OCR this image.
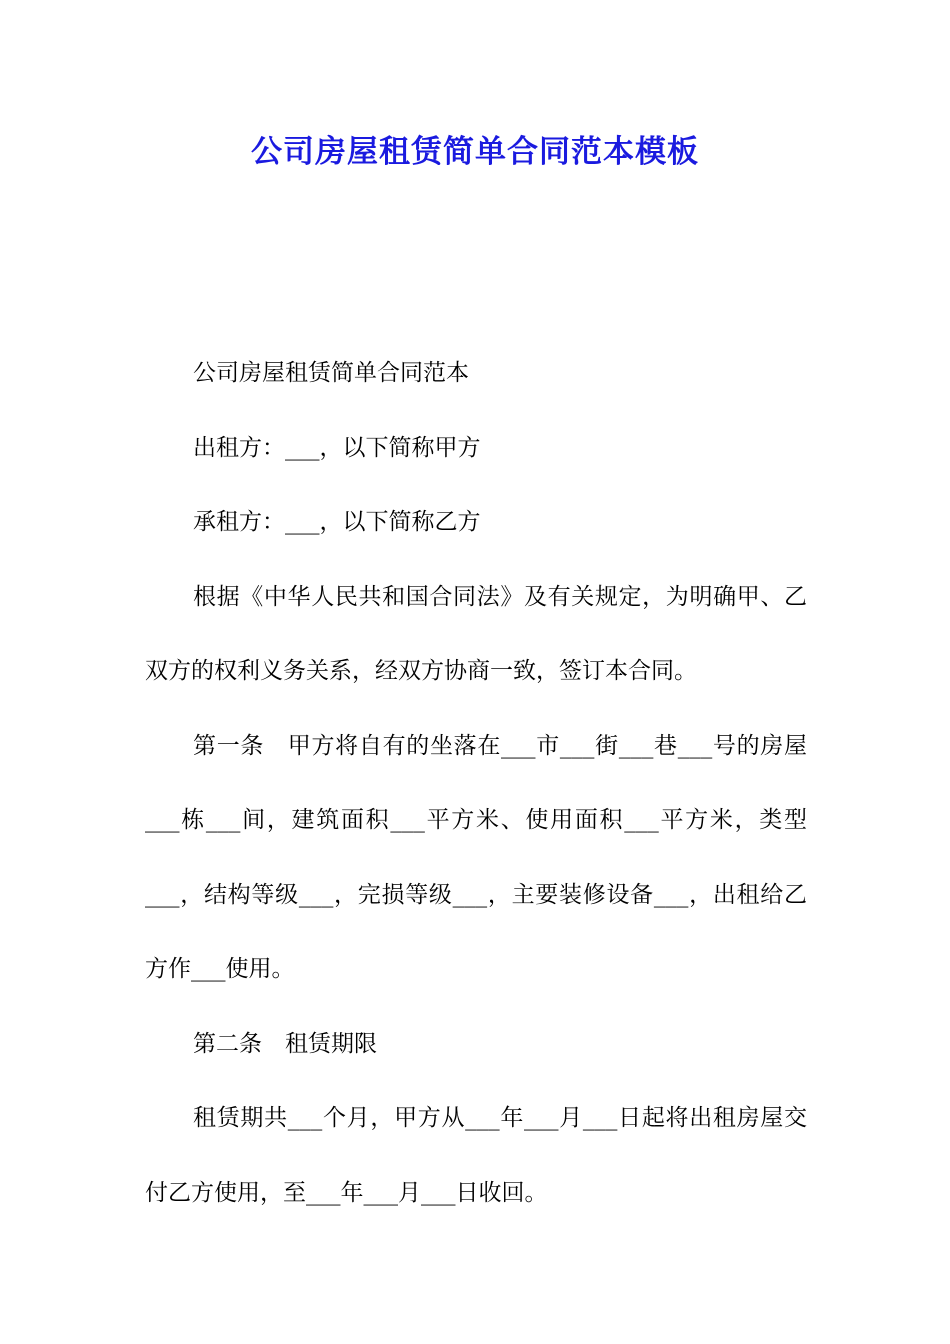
公司房屋租赁简单合同范本模板

公司房屋租赁简单合同范本

出租方：___，以下简称甲方

承租方：___，以下简称乙方

根据《中华人民共和国合同法》及有关规定，为明确甲、乙双方的权利义务关系，经双方协商一致，签订本合同。

第一条　甲方将自有的坐落在___市___街___巷___号的房屋___栋___间，建筑面积___平方米、使用面积___平方米，类型___，结构等级___，完损等级___，主要装修设备___，出租给乙方作___使用。

第二条　租赁期限

租赁期共___个月，甲方从___年___月___日起将出租房屋交付乙方使用，至___年___月___日收回。
